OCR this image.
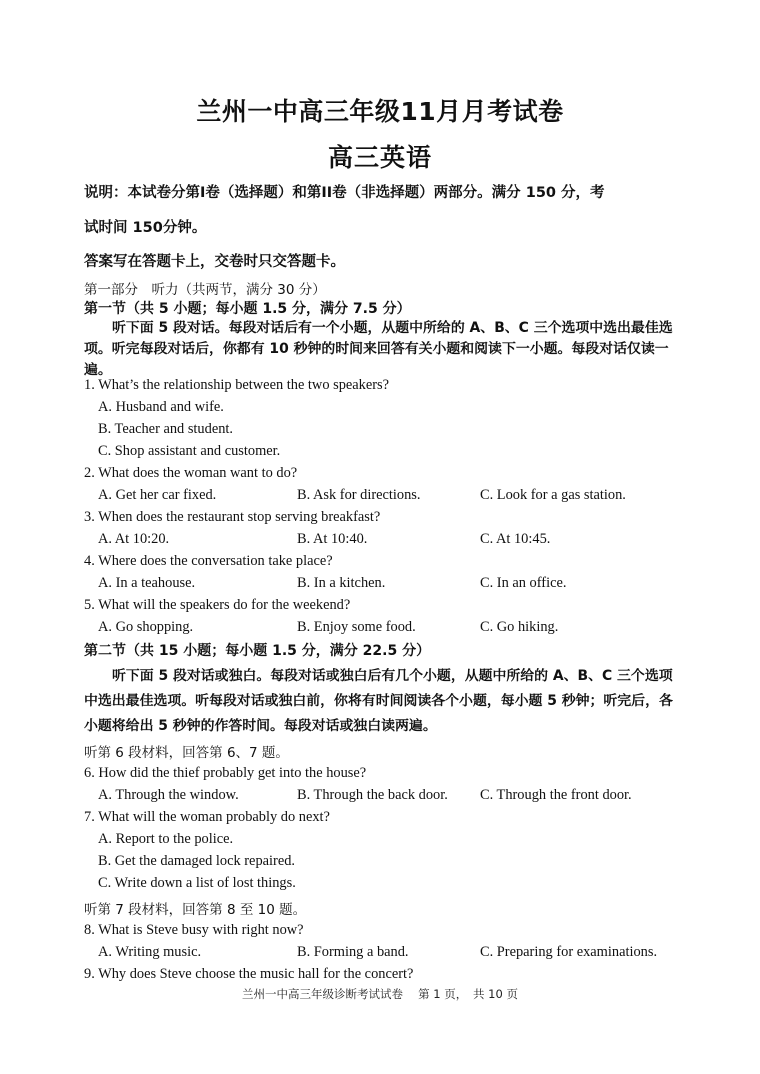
兰州一中高三年级11月月考试卷
高三英语
说明：本试卷分第I卷（选择题）和第II卷（非选择题）两部分。满分 150 分，考
试时间 150分钟。
答案写在答题卡上，交卷时只交答题卡。
第一部分　听力（共两节，满分 30 分）
第一节（共 5 小题；每小题 1.5 分，满分 7.5 分）
听下面 5 段对话。每段对话后有一个小题，从题中所给的 A、B、C 三个选项中选出最佳选项。听完每段对话后，你都有 10 秒钟的时间来回答有关小题和阅读下一小题。每段对话仅读一遍。
1. What’s the relationship between the two speakers?
A. Husband and wife.
B. Teacher and student.
C. Shop assistant and customer.
2. What does the woman want to do?
A. Get her car fixed.	B. Ask for directions.	C. Look for a gas station.
3. When does the restaurant stop serving breakfast?
A. At 10:20.	B. At 10:40.	C. At 10:45.
4. Where does the conversation take place?
A. In a teahouse.	B. In a kitchen.	C. In an office.
5. What will the speakers do for the weekend?
A. Go shopping.	B. Enjoy some food.	C. Go hiking.
第二节（共 15 小题；每小题 1.5 分，满分 22.5 分）
听下面 5 段对话或独白。每段对话或独白后有几个小题，从题中所给的 A、B、C 三个选项中选出最佳选项。听每段对话或独白前，你将有时间阅读各个小题，每小题 5 秒钟；听完后，各小题将给出 5 秒钟的作答时间。每段对话或独白读两遍。
听第 6 段材料，回答第 6、7 题。
6. How did the thief probably get into the house?
A. Through the window.	B. Through the back door. C. Through the front door.
7. What will the woman probably do next?
A. Report to the police.
B. Get the damaged lock repaired.
C. Write down a list of lost things.
听第 7 段材料，回答第 8 至 10 题。
8. What is Steve busy with right now?
A. Writing music.	B. Forming a band.	C. Preparing for examinations.
9. Why does Steve choose the music hall for the concert?
兰州一中高三年级诊断考试试卷　 第 1 页，　共 10 页
